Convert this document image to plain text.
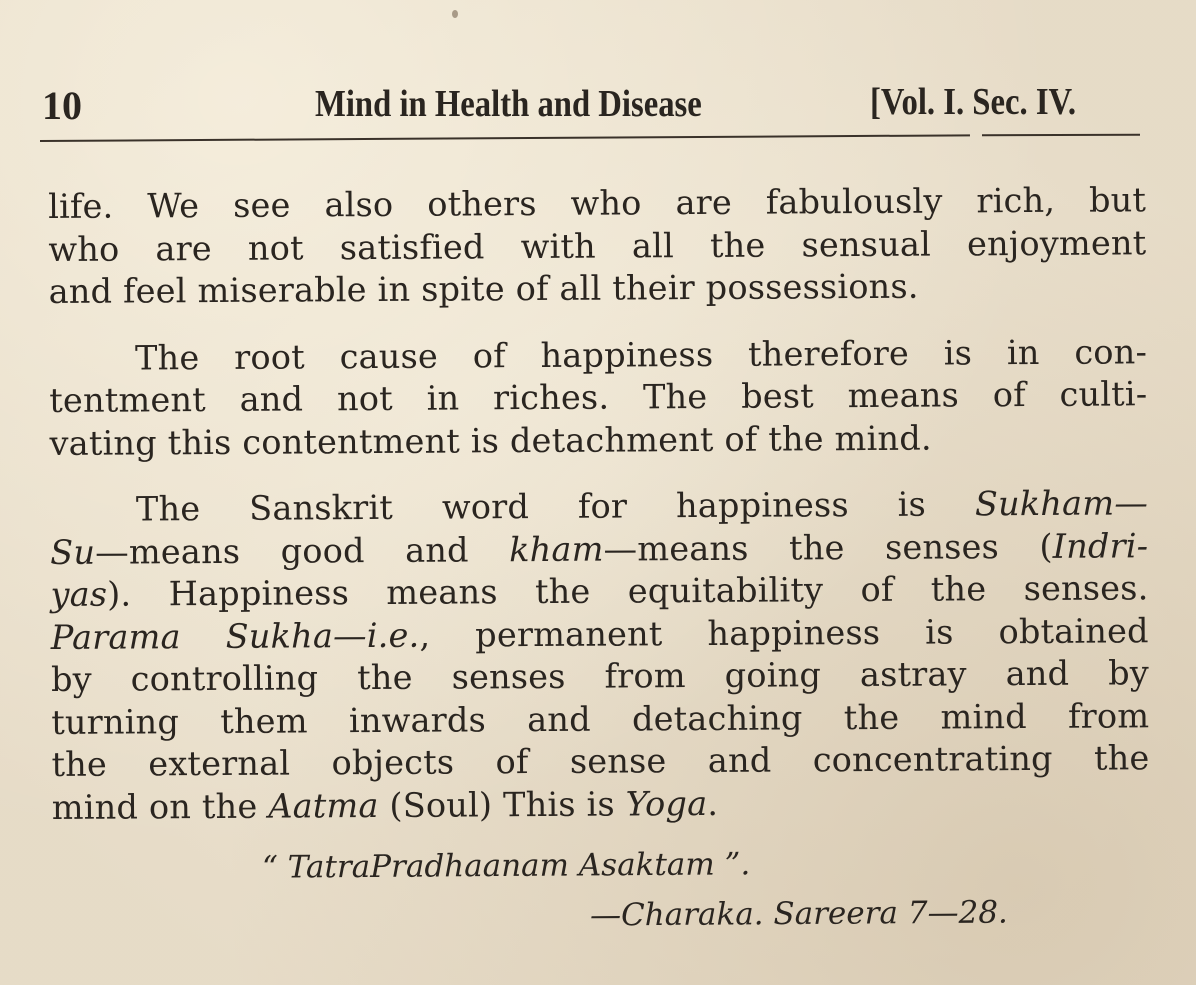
10	Mind in Health and Disease	[Vol. I. Sec. IV.
life. We see also others who are fabulously rich, but
who are not satisfied with all the sensual enjoyment
and feel miserable in spite of all their possessions.
The root cause of happiness therefore is in con-
tentment and not in riches. The best means of culti-
vating this contentment is detachment of the mind.
The Sanskrit word for happiness is Sukham—
Su—means good and kham—means the senses (Indri-
yas). Happiness means the equitability of the senses.
Parama Sukha—i.e., permanent happiness is obtained
by controlling the senses from going astray and by
turning them inwards and detaching the mind from
the external objects of sense and concentrating the
mind on the Aatma (Soul) This is Yoga.
“ TatraPradhaanam Asaktam ”.
—Charaka. Sareera 7—28.
